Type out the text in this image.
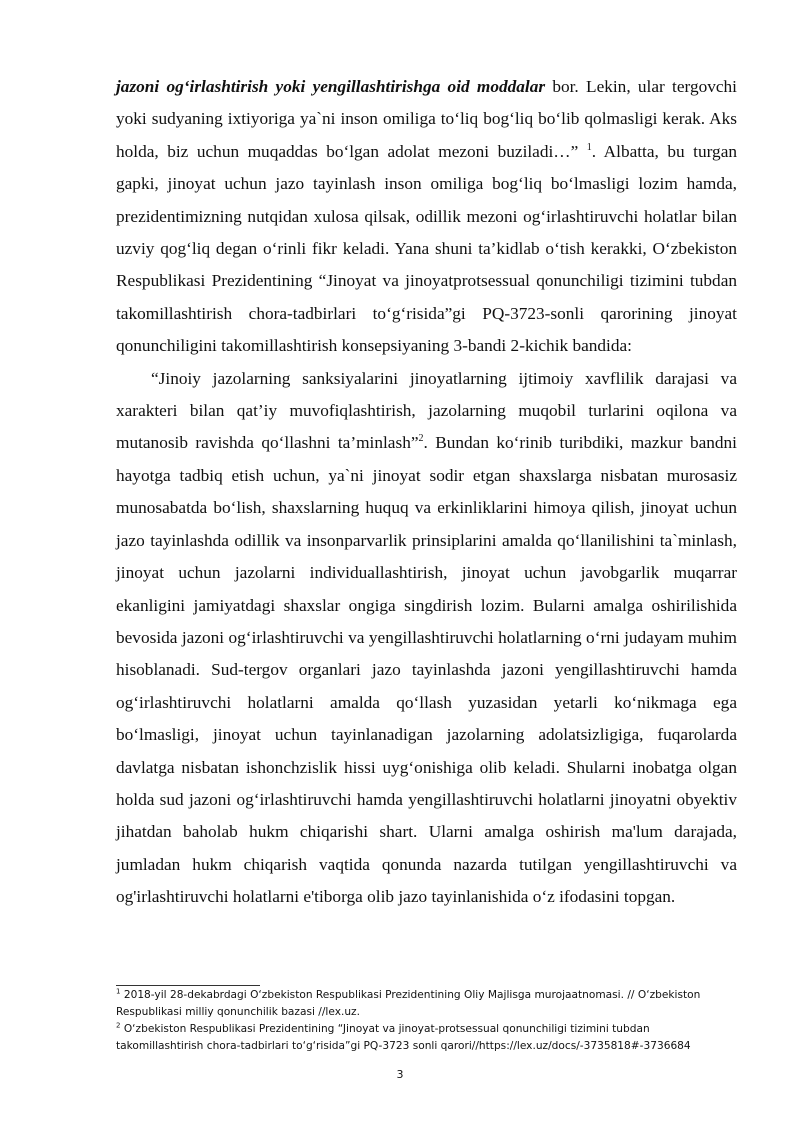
jazoni og‘irlashtirish yoki yengillashtirishga oid moddalar bor. Lekin, ular tergovchi yoki sudyaning ixtiyoriga ya`ni inson omiliga to‘liq bog‘liq bo‘lib qolmasligi kerak. Aks holda, biz uchun muqaddas bo‘lgan adolat mezoni buziladi…” $^1$. Albatta, bu turgan gapki, jinoyat uchun jazo tayinlash inson omiliga bog‘liq bo‘lmasligi lozim hamda, prezidentimizning nutqidan xulosa qilsak, odillik mezoni og‘irlashtiruvchi holatlar bilan uzviy qog‘liq degan o‘rinli fikr keladi. Yana shuni ta’kidlab o‘tish kerakki, O‘zbekiston Respublikasi Prezidentining “Jinoyat va jinoyatprotsessual qonunchiligi tizimini tubdan takomillashtirish chora-tadbirlari to‘g‘risida”gi PQ-3723-sonli qarorining jinoyat qonunchiligini takomillashtirish konsepsiyaning 3-bandi 2-kichik bandida:

“Jinoiy jazolarning sanksiyalarini jinoyatlarning ijtimoiy xavflilik darajasi va xarakteri bilan qat’iy muvofiqlashtirish, jazolarning muqobil turlarini oqilona va mutanosib ravishda qo‘llashni ta’minlash”$^2$. Bundan ko‘rinib turibdiki, mazkur bandni hayotga tadbiq etish uchun, ya`ni jinoyat sodir etgan shaxslarga nisbatan murosasiz munosabatda bo‘lish, shaxslarning huquq va erkinliklarini himoya qilish, jinoyat uchun jazo tayinlashda odillik va insonparvarlik prinsiplarini amalda qo‘llanilishini ta`minlash, jinoyat uchun jazolarni individuallashtirish, jinoyat uchun javobgarlik muqarrar ekanligini jamiyatdagi shaxslar ongiga singdirish lozim. Bularni amalga oshirilishida bevosida jazoni og‘irlashtiruvchi va yengillashtiruvchi holatlarning o‘rni judayam muhim hisoblanadi. Sud-tergov organlari jazo tayinlashda jazoni yengillashtiruvchi hamda og‘irlashtiruvchi holatlarni amalda qo‘llash yuzasidan yetarli ko‘nikmaga ega bo‘lmasligi, jinoyat uchun tayinlanadigan jazolarning adolatsizligiga, fuqarolarda davlatga nisbatan ishonchzislik hissi uyg‘onishiga olib keladi. Shularni inobatga olgan holda sud jazoni og‘irlashtiruvchi hamda yengillashtiruvchi holatlarni jinoyatni obyektiv jihatdan baholab hukm chiqarishi shart. Ularni amalga oshirish ma'lum darajada, jumladan hukm chiqarish vaqtida qonunda nazarda tutilgan yengillashtiruvchi va og'irlashtiruvchi holatlarni e'tiborga olib jazo tayinlanishida o‘z ifodasini topgan.

$^1$ 2018-yil 28-dekabrdagi O‘zbekiston Respublikasi Prezidentining Oliy Majlisga murojaatnomasi. // O‘zbekiston Respublikasi milliy qonunchilik bazasi //lex.uz.

$^2$ O‘zbekiston Respublikasi Prezidentining “Jinoyat va jinoyat-protsessual qonunchiligi tizimini tubdan takomillashtirish chora-tadbirlari to‘g‘risida”gi PQ-3723 sonli qarori//https://lex.uz/docs/-3735818#-3736684

3
